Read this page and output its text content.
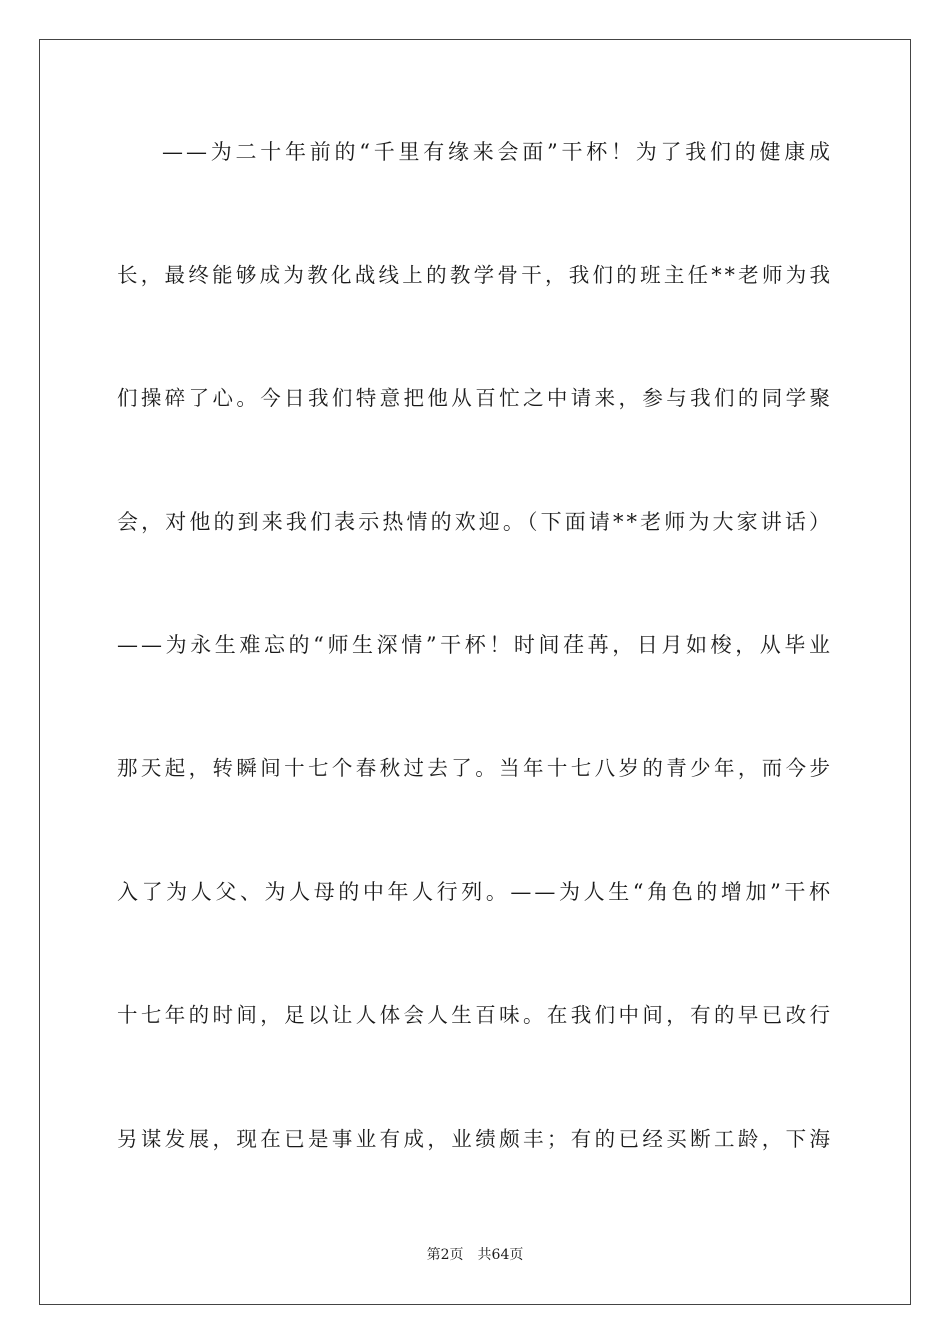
——为二十年前的“千里有缘来会面”干杯！为了我们的健康成
长，最终能够成为教化战线上的教学骨干，我们的班主任**老师为我
们操碎了心。今日我们特意把他从百忙之中请来，参与我们的同学聚
会，对他的到来我们表示热情的欢迎。（下面请**老师为大家讲话）
——为永生难忘的“师生深情”干杯！时间荏苒，日月如梭，从毕业
那天起，转瞬间十七个春秋过去了。当年十七八岁的青少年，而今步
入了为人父、为人母的中年人行列。——为人生“角色的增加”干杯
十七年的时间，足以让人体会人生百味。在我们中间，有的早已改行
另谋发展，现在已是事业有成，业绩颇丰；有的已经买断工龄，下海
第2页 共64页
